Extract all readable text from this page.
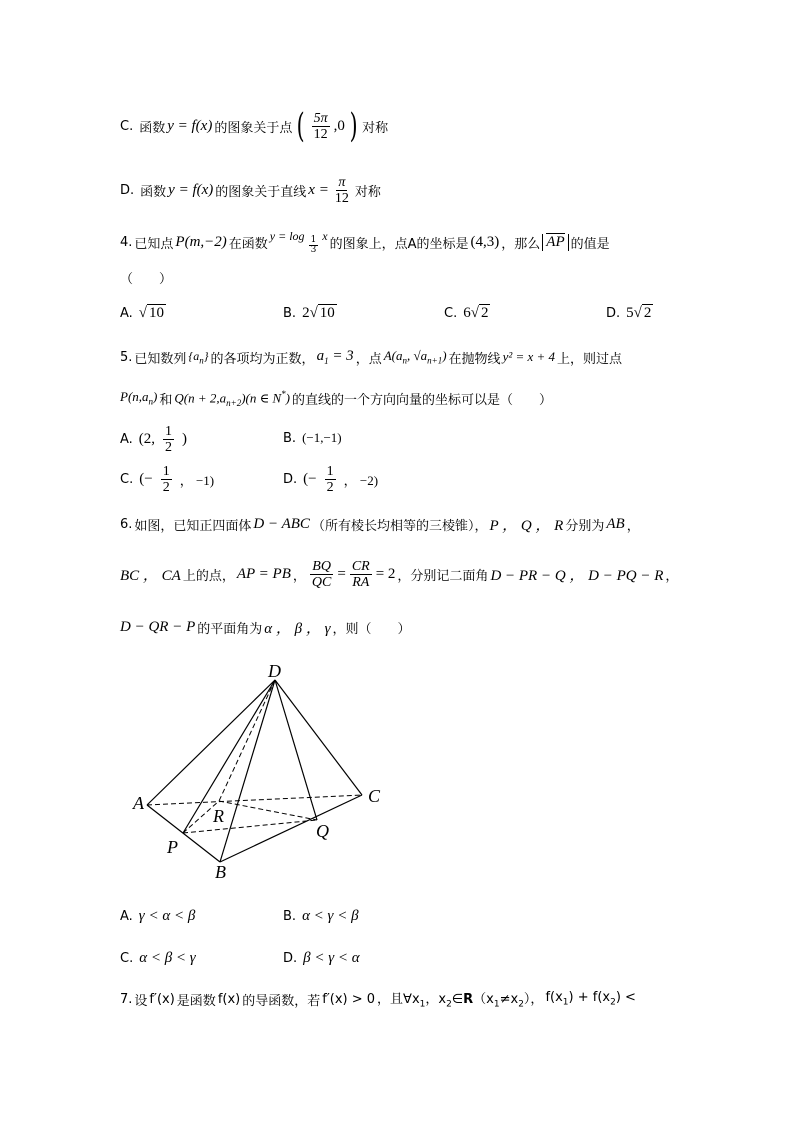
C. 函数 y = f(x) 的图象关于点 ( $\frac{5\pi}{12} ,0$ ) 对称
D. 函数 y = f(x) 的图象关于直线 $x = \frac{\pi}{12}$ 对称
4. 已知点 P(m,−2) 在函数
$y = \log \frac{1}{3}$ x
的图象上，点A的坐标是 (4,3) ，那么 AP 的值是
（　　）
A. √ 10	B. 2√ 10	C. 6√ 2	D. 5√ 2
5. 已知数列 $\{a_n\}$ 的各项均为正数， $a_1 = 3$ ，点 $A(a_n$, $√a_{n+1}$) 在抛物线 y² = x + 4 上，则过点
$P(n,a_n)$ 和 $Q(n + 2,a_{n+2})(n$ ∈ N*) 的直线的一个方向向量的坐标可以是（　　）
A. (2, $\frac{1}{2}$ )	B. (−1,−1)
C. (− $\frac{1}{2}$ ， −1)	D. (− $\frac{1}{2}$ ， −2)
6. 如图，已知正四面体 D − ABC （所有棱长均相等的三棱锥）， P ， Q ， R 分别为 AB ，
BC ， CA 上的点， AP = PB ， $\frac{BQ}{QC} = \frac{CR}{RA} = 2$ ，分别记二面角 D − PR − Q ， D − PQ − R ，
D − QR − P 的平面角为 α ， β ， γ ，则（　　）
D
A	C
R
Q
P
B
A. γ < α < β	B. α < γ < β
C. α < β < γ	D. β < γ < α
7. 设 f′(x) 是函数 f(x) 的导函数，若 f′(x) > 0 ，且$\forall x_1$，$x_2\in R(x_1\ne x_2)$， $f(x_1) + f(x_2)$ <
